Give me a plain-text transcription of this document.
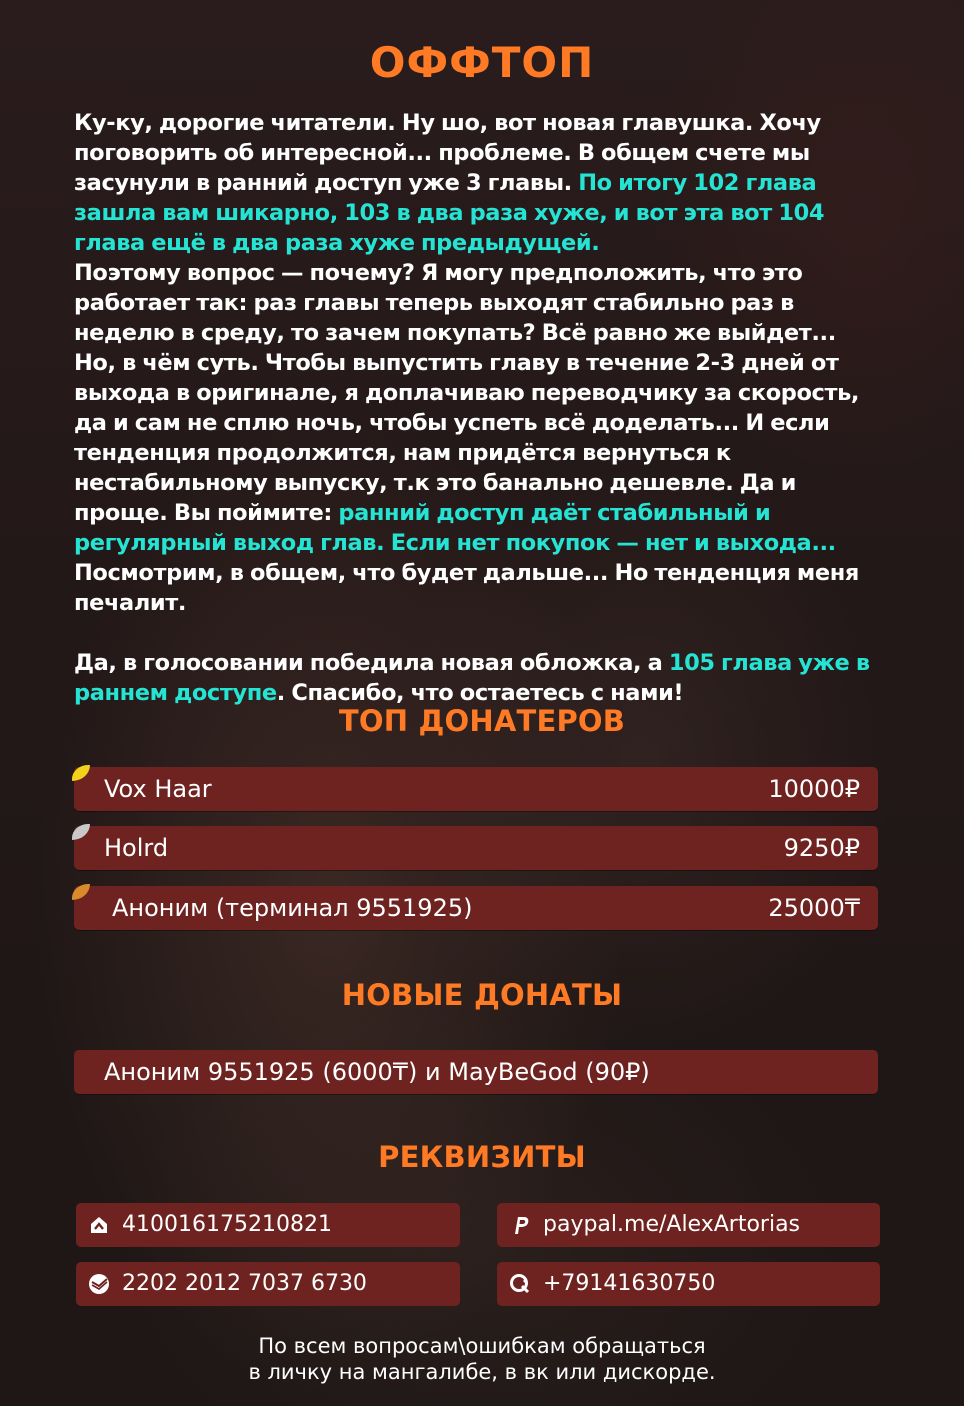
ОФФТОП

Ку-ку, дорогие читатели. Ну шо, вот новая главушка. Хочу поговорить об интересной... проблеме. В общем счете мы засунули в ранний доступ уже 3 главы. По итогу 102 глава зашла вам шикарно, 103 в два раза хуже, и вот эта вот 104 глава ещё в два раза хуже предыдущей.

Поэтому вопрос — почему? Я могу предположить, что это работает так: раз главы теперь выходят стабильно раз в неделю в среду, то зачем покупать? Всё равно же выйдет...

Но, в чём суть. Чтобы выпустить главу в течение 2-3 дней от выхода в оригинале, я доплачиваю переводчику за скорость, да и сам не сплю ночь, чтобы успеть всё доделать... И если тенденция продолжится, нам придётся вернуться к нестабильному выпуску, т.к это банально дешевле. Да и проще. Вы поймите: ранний доступ даёт стабильный и регулярный выход глав. Если нет покупок — нет и выхода... Посмотрим, в общем, что будет дальше... Но тенденция меня печалит.

Да, в голосовании победила новая обложка, а 105 глава уже в раннем доступе. Спасибо, что остаетесь с нами!

ТОП ДОНАТЕРОВ
Vox Haar	10000₽
Holrd	9250₽
Аноним (терминал 9551925)	25000₸
НОВЫЕ ДОНАТЫ
Аноним 9551925 (6000₸) и MayBeGod (90₽)
РЕКВИЗИТЫ
410016175210821	paypal.me/AlexArtorias
2202 2012 7037 6730	+79141630750
По всем вопросам\ошибкам обращаться
в личку на мангалибе, в вк или дискорде.
